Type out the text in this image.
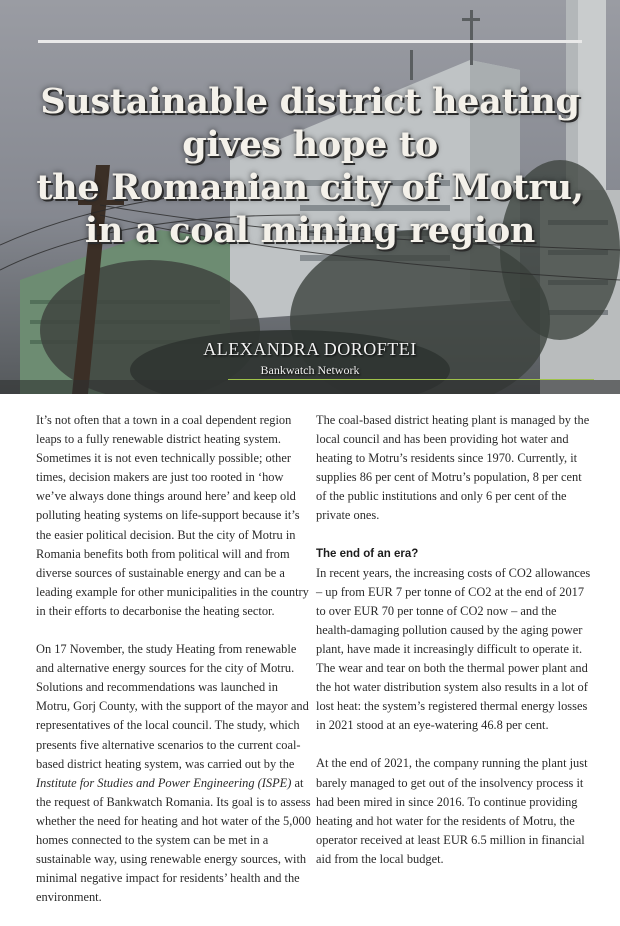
Sustainable district heating
gives hope to
the Romanian city of Motru,
in a coal mining region
ALEXANDRA DOROFTEI
Bankwatch Network

It’s not often that a town in a coal dependent region leaps to a fully renewable district heating system. Sometimes it is not even technically possible; other times, decision makers are just too rooted in ‘how we’ve always done things around here’ and keep old polluting heating systems on life-support because it’s the easier political decision. But the city of Motru in Romania benefits both from political will and from diverse sources of sustainable energy and can be a leading example for other municipalities in the country in their efforts to decarbonise the heating sector.

On 17 November, the study Heating from renewable and alternative energy sources for the city of Motru. Solutions and recommendations was launched in Motru, Gorj County, with the support of the mayor and representatives of the local council. The study, which presents five alternative scenarios to the current coal-based district heating system, was carried out by the Institute for Studies and Power Engineering (ISPE) at the request of Bankwatch Romania. Its goal is to assess whether the need for heating and hot water of the 5,000 homes connected to the system can be met in a sustainable way, using renewable energy sources, with minimal negative impact for residents’ health and the environment.

The coal-based district heating plant is managed by the local council and has been providing hot water and heating to Motru’s residents since 1970. Currently, it supplies 86 per cent of Motru’s population, 8 per cent of the public institutions and only 6 per cent of the private ones.

The end of an era?

In recent years, the increasing costs of CO2 allowances – up from EUR 7 per tonne of CO2 at the end of 2017 to over EUR 70 per tonne of CO2 now – and the health-damaging pollution caused by the aging power plant, have made it increasingly difficult to operate it. The wear and tear on both the thermal power plant and the hot water distribution system also results in a lot of lost heat: the system’s registered thermal energy losses in 2021 stood at an eye-watering 46.8 per cent.

At the end of 2021, the company running the plant just barely managed to get out of the insolvency process it had been mired in since 2016. To continue providing heating and hot water for the residents of Motru, the operator received at least EUR 6.5 million in financial aid from the local budget.
